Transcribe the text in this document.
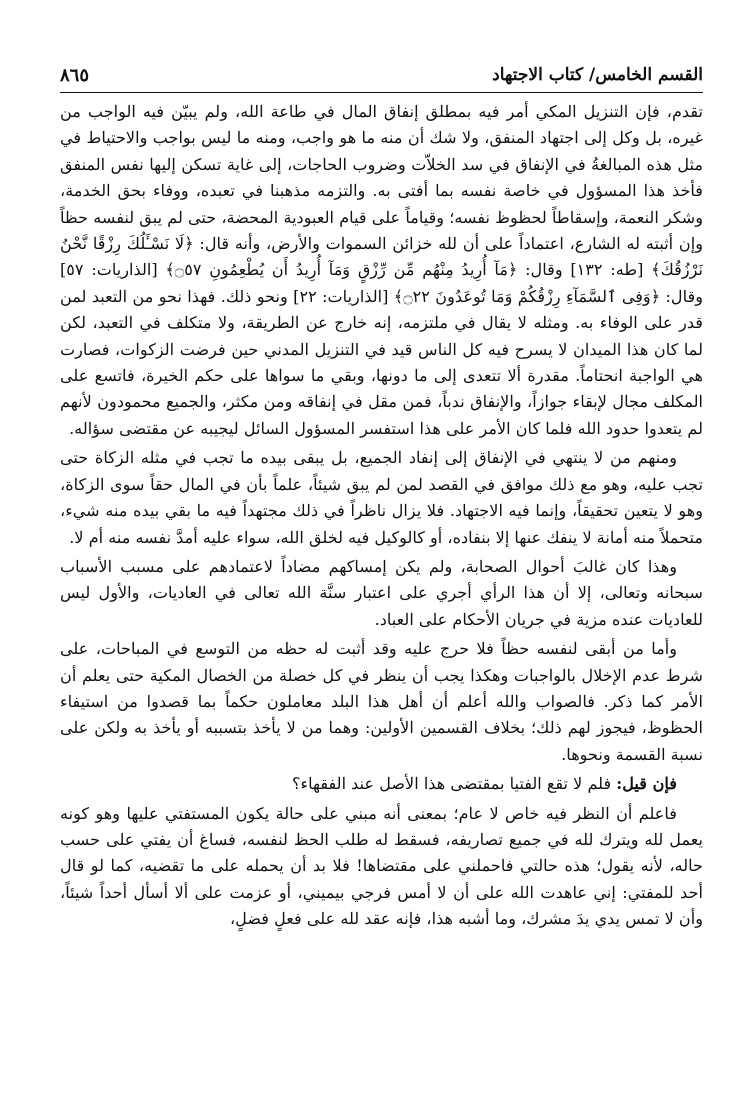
القسم الخامس/ كتاب الاجتهاد
٨٦٥

تقدم، فإن التنزيل المكي أمر فيه بمطلق إنفاق المال في طاعة الله، ولم يبيّن فيه الواجب من غيره، بل وكل إلى اجتهاد المنفق، ولا شك أن منه ما هو واجب، ومنه ما ليس بواجب والاحتياط في مثل هذه المبالغةُ في الإنفاق في سد الخلاّت وضروب الحاجات، إلى غاية تسكن إليها نفس المنفق فأخذ هذا المسؤول في خاصة نفسه بما أفتى به. والتزمه مذهبنا في تعبده، ووفاء بحق الخدمة، وشكر النعمة، وإسقاطاً لحظوظ نفسه؛ وقياماً على قيام العبودية المحضة، حتى لم يبق لنفسه حظاً وإن أثبته له الشارع، اعتماداً على أن لله خزائن السموات والأرض، وأنه قال: ﴿لَا نَسْـَٔلُكَ رِزْقًا نَّحْنُ نَرْزُقُكَ﴾ [طه: ١٣٢] وقال: ﴿مَآ أُرِيدُ مِنْهُم مِّن رِّزْقٍ وَمَآ أُرِيدُ أَن يُطْعِمُونِ ۝٥٧﴾ [الذاريات: ٥٧] وقال: ﴿وَفِى ٱلسَّمَآءِ رِزْقُكُمْ وَمَا تُوعَدُونَ ۝٢٢﴾ [الذاريات: ٢٢] ونحو ذلك. فهذا نحو من التعبد لمن قدر على الوفاء به. ومثله لا يقال في ملتزمه، إنه خارج عن الطريقة، ولا متكلف في التعبد، لكن لما كان هذا الميدان لا يسرح فيه كل الناس قيد في التنزيل المدني حين فرضت الزكوات، فصارت هي الواجبة انحتاماً. مقدرة ألا تتعدى إلى ما دونها، وبقي ما سواها على حكم الخيرة، فاتسع على المكلف مجال لإبقاء جوازاً، والإنفاق ندباً، فمن مقل في إنفاقه ومن مكثر، والجميع محمودون لأنهم لم يتعدوا حدود الله فلما كان الأمر على هذا استفسر المسؤول السائل ليجيبه عن مقتضى سؤاله.

ومنهم من لا ينتهي في الإنفاق إلى إنفاد الجميع، بل يبقى بيده ما تجب في مثله الزكاة حتى تجب عليه، وهو مع ذلك موافق في القصد لمن لم يبق شيئاً، علماً بأن في المال حقاً سوى الزكاة، وهو لا يتعين تحقيقاً، وإنما فيه الاجتهاد. فلا يزال ناظراً في ذلك مجتهداً فيه ما بقي بيده منه شيء، متحملاً منه أمانة لا ينفك عنها إلا بنفاده، أو كالوكيل فيه لخلق الله، سواء عليه أمدَّ نفسه منه أم لا.

وهذا كان غالبَ أحوال الصحابة، ولم يكن إمساكهم مضاداً لاعتمادهم على مسبب الأسباب سبحانه وتعالى، إلا أن هذا الرأي أجري على اعتبار سنَّة الله تعالى في العاديات، والأول ليس للعاديات عنده مزية في جريان الأحكام على العباد.

وأما من أبقى لنفسه حظاً فلا حرج عليه وقد أثبت له حظه من التوسع في المباحات، على شرط عدم الإخلال بالواجبات وهكذا يجب أن ينظر في كل خصلة من الخصال المكية حتى يعلم أن الأمر كما ذكر. فالصواب والله أعلم أن أهل هذا البلد معاملون حكماً بما قصدوا من استيفاء الحظوظ، فيجوز لهم ذلك؛ بخلاف القسمين الأولين: وهما من لا يأخذ بتسببه أو يأخذ به ولكن على نسبة القسمة ونحوها.

فإن قيل: فلم لا تقع الفتيا بمقتضى هذا الأصل عند الفقهاء؟

فاعلم أن النظر فيه خاص لا عام؛ بمعنى أنه مبني على حالة يكون المستفتي عليها وهو كونه يعمل لله ويترك لله في جميع تصاريفه، فسقط له طلب الحظ لنفسه، فساغ أن يفتي على حسب حاله، لأنه يقول؛ هذه حالتي فاحملني على مقتضاها! فلا بد أن يحمله على ما تقضيه، كما لو قال أحد للمفتي: إني عاهدت الله على أن لا أمس فرجي بيميني، أو عزمت على ألا أسأل أحداً شيئاً، وأن لا تمس يدي يدَ مشرك، وما أشبه هذا، فإنه عقد لله على فعلٍ فضلٍ،
